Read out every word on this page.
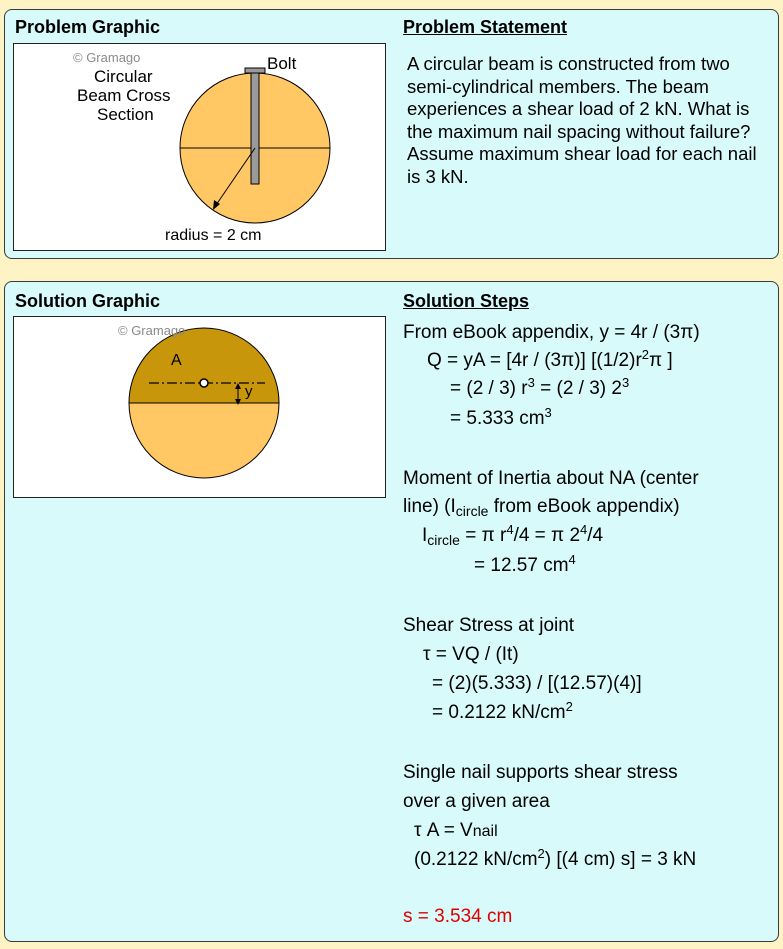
Problem Graphic	Problem Statement
© Gramago
Circular
Beam Cross
Section
Bolt
radius = 2 cm
A circular beam is constructed from two semi-cylindrical members. The beam experiences a shear load of 2 kN. What is the maximum nail spacing without failure? Assume maximum shear load for each nail is 3 kN.
Solution Graphic	Solution Steps
© Gramago
A
y
From eBook appendix, y = 4r / (3π)
Q = yA = [4r / (3π)] [$(1/2)r^2\pi$ ]
= (2 / 3) $r^3 = (2 / 3)$ $2^3$
= 5.333 $cm^3$
Moment of Inertia about NA (center
line) ($I_{circle}$ from eBook appendix)
$I_{circle} = \pi$ $r^4/4 = \pi$ $2^4/4$
= 12.57 $cm^4$
Shear Stress at joint
τ = VQ / (It)
= (2)(5.333) / [(12.57)(4)]
= 0.2122 $kN/cm^2$
Single nail supports shear stress
over a given area
τ A = Vnail
(0.2122 $kN/cm^2$) [(4 cm) s] = 3 kN
s = 3.534 cm
